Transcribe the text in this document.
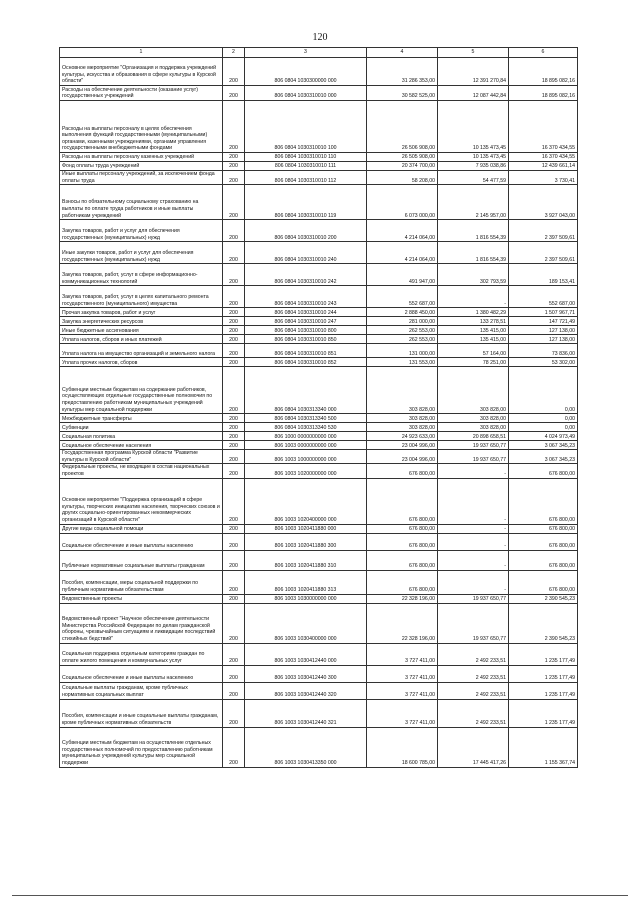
120
1	2	3	4	5	6
Основное мероприятие "Организация и поддержка учреждений культуры, искусства и образования в сфере культуры в Курской области"	200	806 0804 1030300000 000	31 286 353,00	12 391 270,84	18 895 082,16
Расходы на обеспечение деятельности (оказание услуг) государственных учреждений	200	806 0804 1030310010 000	30 582 525,00	12 087 442,84	18 895 082,16
Расходы на выплаты персоналу в целях обеспечения выполнения функций государственными (муниципальными) органами, казенными учреждениями, органами управления государственными внебюджетными фондами	200	806 0804 1030310010 100	26 506 908,00	10 135 473,45	16 370 434,55
Расходы на выплаты персоналу казенных учреждений	200	806 0804 1030310010 110	26 505 908,00	10 135 473,45	16 370 434,55
Фонд оплаты труда учреждений	200	806 0804 1030310010 111	20 374 700,00	7 935 038,86	12 439 661,14
Иные выплаты персоналу учреждений, за исключением фонда оплаты труда	200	806 0804 1030310010 112	58 208,00	54 477,59	3 730,41
Взносы по обязательному социальному страхованию на выплаты по оплате труда работников и иные выплаты работникам учреждений	200	806 0804 1030310010 119	6 073 000,00	2 145 957,00	3 927 043,00
Закупка товаров, работ и услуг для обеспечения государственных (муниципальных) нужд	200	806 0804 1030310010 200	4 214 064,00	1 816 554,39	2 397 509,61
Иные закупки товаров, работ и услуг для обеспечения государственных (муниципальных) нужд	200	806 0804 1030310010 240	4 214 064,00	1 816 554,39	2 397 509,61
Закупка товаров, работ, услуг в сфере информационно-коммуникационных технологий	200	806 0804 1030310010 242	491 947,00	302 793,59	189 153,41
Закупка товаров, работ, услуг в целях капитального ремонта государственного (муниципального) имущества	200	806 0804 1030310010 243	552 687,00	-	552 687,00
Прочая закупка товаров, работ и услуг	200	806 0804 1030310010 244	2 888 450,00	1 380 482,29	1 507 967,71
Закупка энергетических ресурсов	200	806 0804 1030310010 247	281 000,00	133 278,51	147 721,49
Иные бюджетные ассигнования	200	806 0804 1030310010 800	262 553,00	135 415,00	127 138,00
Уплата налогов, сборов и иных платежей	200	806 0804 1030310010 850	262 553,00	135 415,00	127 138,00
Уплата налога на имущество организаций и земельного налога	200	806 0804 1030310010 851	131 000,00	57 164,00	73 836,00
Уплата прочих налогов, сборов	200	806 0804 1030310010 852	131 553,00	78 251,00	53 302,00
Субвенции местным бюджетам на содержание работников, осуществляющих отдельные государственные полномочия по предоставлению работникам муниципальных учреждений культуры мер социальной поддержки	200	806 0804 1030313340 000	303 828,00	303 828,00	0,00
Межбюджетные трансферты	200	806 0804 1030313340 500	303 828,00	303 828,00	0,00
Субвенции	200	806 0804 1030313340 530	303 828,00	303 828,00	0,00
Социальная политика	200	806 1000 0000000000 000	24 923 633,00	20 898 658,51	4 024 973,49
Социальное обеспечение населения	200	806 1003 0000000000 000	23 004 996,00	19 937 650,77	3 067 345,23
Государственная программа Курской области "Развитие культуры в Курской области"	200	806 1003 1000000000 000	23 004 996,00	19 937 650,77	3 067 345,23
Федеральные проекты, не входящие в состав национальных проектов	200	806 1003 1020000000 000	676 800,00	-	676 800,00
Основное мероприятие "Поддержка организаций в сфере культуры, творческих инициатив населения, творческих союзов и других социально-ориентированных некоммерческих организаций в Курской области"	200	806 1003 1020400000 000	676 800,00	-	676 800,00
Другие виды социальной помощи	200	806 1003 1020411880 000	676 800,00	-	676 800,00
Социальное обеспечение и иные выплаты населению	200	806 1003 1020411880 300	676 800,00	-	676 800,00
Публичные нормативные социальные выплаты гражданам	200	806 1003 1020411880 310	676 800,00	-	676 800,00
Пособия, компенсации, меры социальной поддержки по публичным нормативным обязательствам	200	806 1003 1020411880 313	676 800,00	-	676 800,00
Ведомственные проекты	200	806 1003 1030000000 000	22 328 196,00	19 937 650,77	2 390 545,23
Ведомственный проект "Научное обеспечение деятельности Министерства Российской Федерации по делам гражданской обороны, чрезвычайным ситуациям и ликвидации последствий стихийных бедствий"	200	806 1003 1030400000 000	22 328 196,00	19 937 650,77	2 390 545,23
Социальная поддержка отдельным категориям граждан по оплате жилого помещения и коммунальных услуг	200	806 1003 1030412440 000	3 727 411,00	2 492 233,51	1 235 177,49
Социальное обеспечение и иные выплаты населению	200	806 1003 1030412440 300	3 727 411,00	2 492 233,51	1 235 177,49
Социальные выплаты гражданам, кроме публичных нормативных социальных выплат	200	806 1003 1030412440 320	3 727 411,00	2 492 233,51	1 235 177,49
Пособия, компенсации и иные социальные выплаты гражданам, кроме публичных нормативных обязательств	200	806 1003 1030412440 321	3 727 411,00	2 492 233,51	1 235 177,49
Субвенции местным бюджетам на осуществление отдельных государственных полномочий по предоставлению работникам муниципальных учреждений культуры мер социальной поддержки	200	806 1003 1030413350 000	18 600 785,00	17 445 417,26	1 155 367,74
